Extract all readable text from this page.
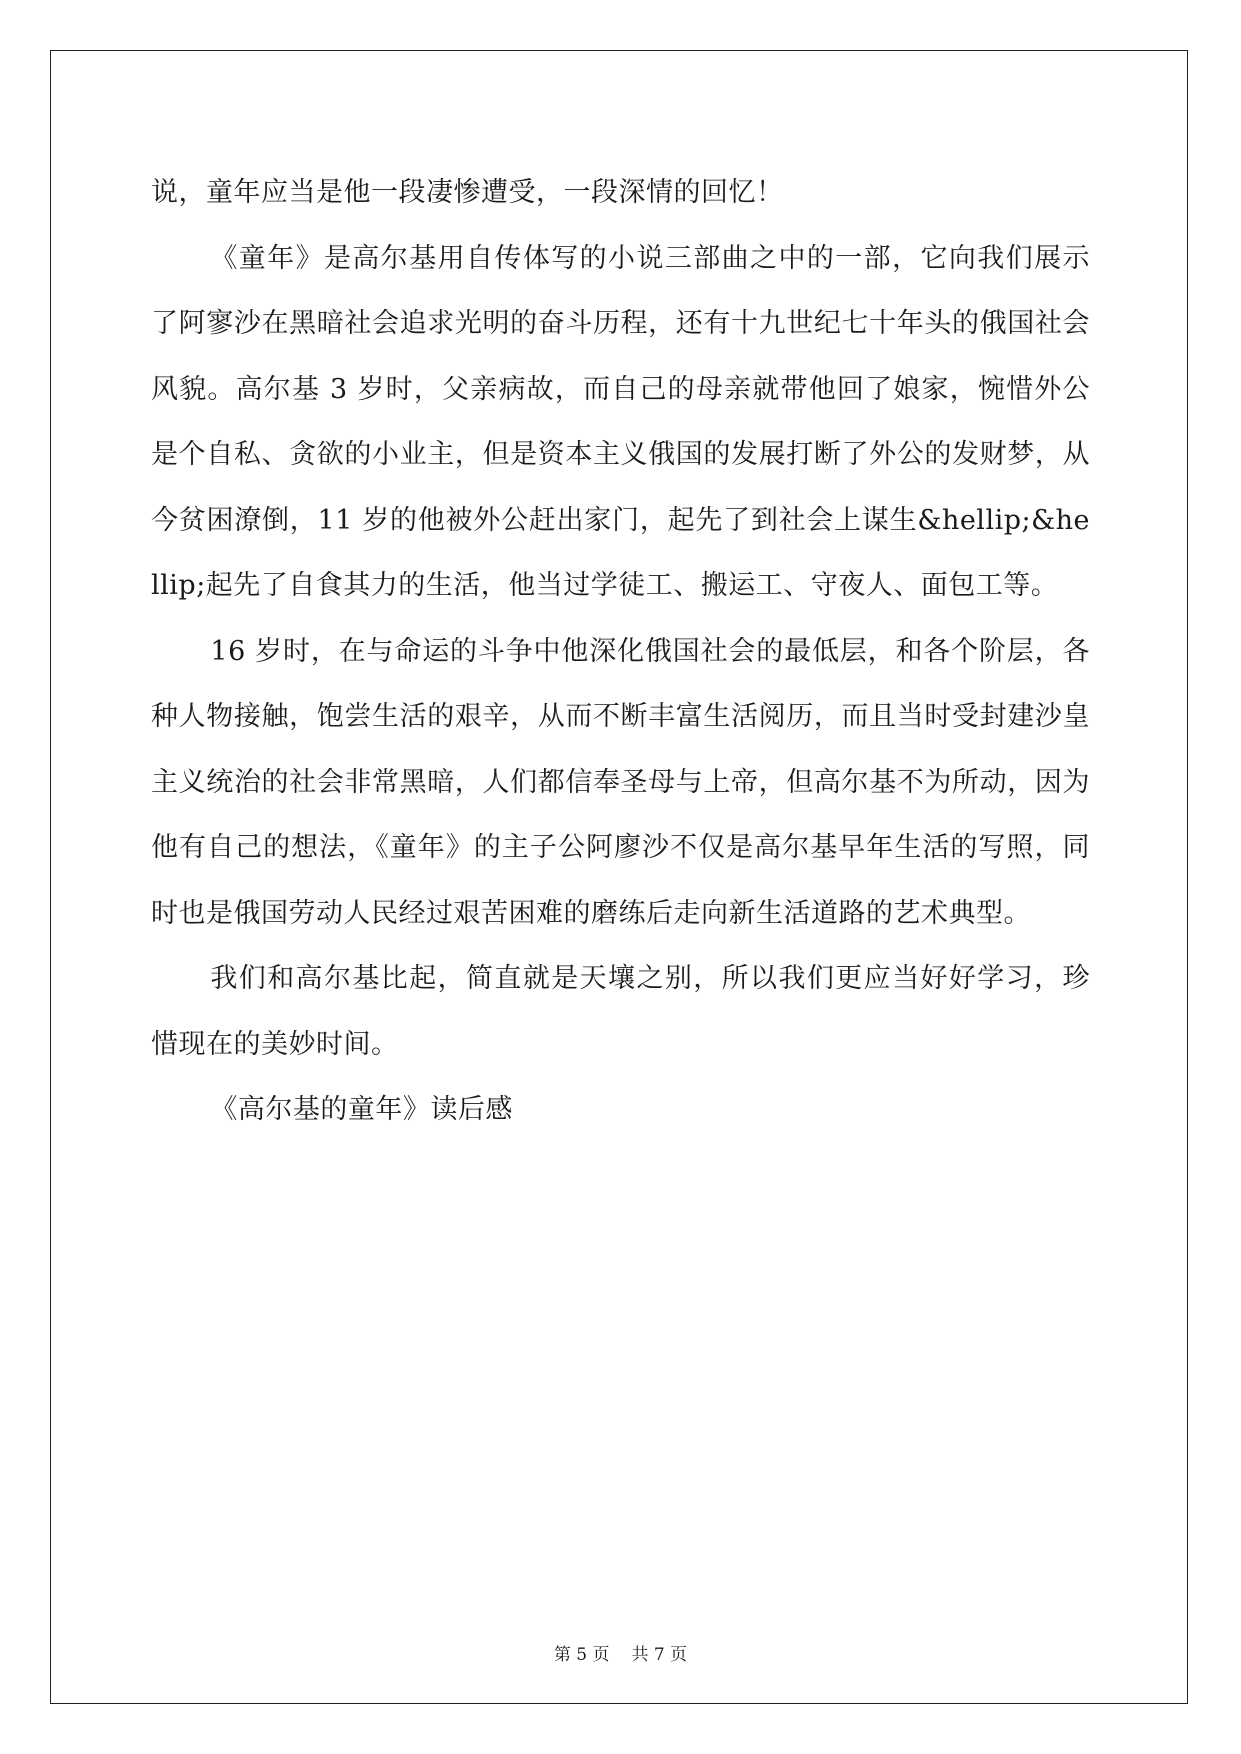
说，童年应当是他一段凄惨遭受，一段深情的回忆！

《童年》是高尔基用自传体写的小说三部曲之中的一部，它向我们展示了阿寥沙在黑暗社会追求光明的奋斗历程，还有十九世纪七十年头的俄国社会风貌。高尔基 3 岁时，父亲病故，而自己的母亲就带他回了娘家，惋惜外公是个自私、贪欲的小业主，但是资本主义俄国的发展打断了外公的发财梦，从今贫困潦倒，11 岁的他被外公赶出家门，起先了到社会上谋生&hellip;&hellip;起先了自食其力的生活，他当过学徒工、搬运工、守夜人、面包工等。

16 岁时，在与命运的斗争中他深化俄国社会的最低层，和各个阶层，各种人物接触，饱尝生活的艰辛，从而不断丰富生活阅历，而且当时受封建沙皇主义统治的社会非常黑暗，人们都信奉圣母与上帝，但高尔基不为所动，因为他有自己的想法，《童年》的主子公阿廖沙不仅是高尔基早年生活的写照，同时也是俄国劳动人民经过艰苦困难的磨练后走向新生活道路的艺术典型。

我们和高尔基比起，简直就是天壤之别，所以我们更应当好好学习，珍惜现在的美妙时间。

《高尔基的童年》读后感

第 5 页 共 7 页
